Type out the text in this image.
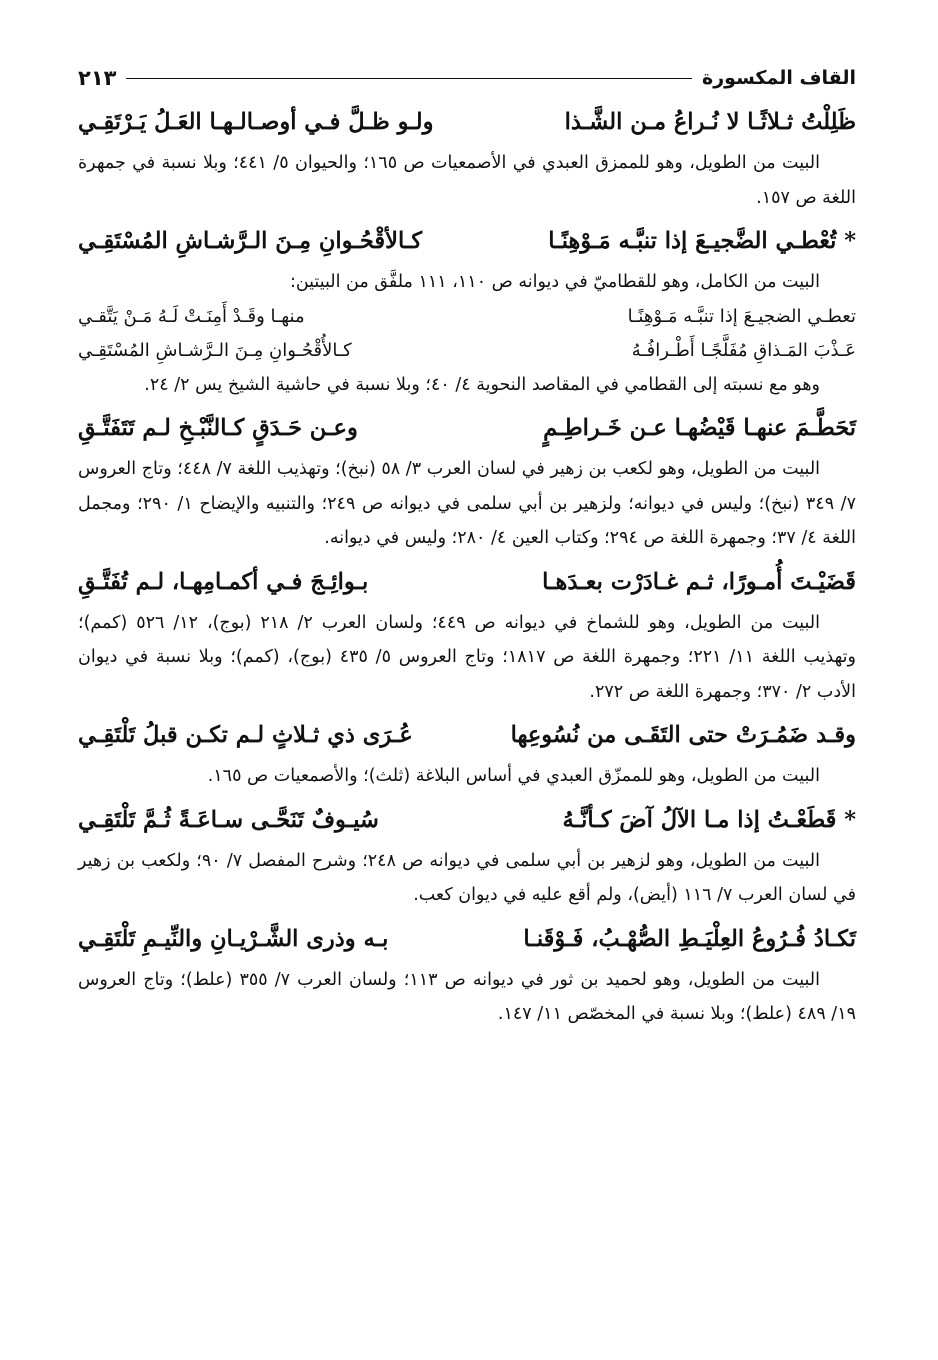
القاف المكسورة
٢١٣
ظَلِلْتُ ثـلاثًـا لا نُـراعُ مـن الشَّـذا
ولـو ظـلَّ فـي أوصـالـهـا العَـلُ يَـرْتَقِـي

البيت من الطويل، وهو للممزق العبدي في الأصمعيات ص ١٦٥؛ والحيوان ٥/ ٤٤١؛ وبلا نسبة في جمهرة اللغة ص ١٥٧.

* تُعْطـي الضَّجيـعَ إذا تنبَّـه مَـوْهِنًـا
كـالأقْحُـوانِ مِـنَ الـرَّشـاشِ المُسْتَقِـي

البيت من الكامل، وهو للقطاميّ في ديوانه ص ١١٠، ١١١ ملفَّق من البيتين:

تعطـي الضجيـعَ إذا تنبَّـه مَـوْهِنًـا
منهـا وقَـدْ أَمِنَـتْ لَـهُ مَـنْ يَتَّقـي
عَـذْبَ المَـذاقِ مُفَلَّجًـا أَطْـرافُـهُ
كـالأُقْحُـوانِ مِـنَ الـرَّشـاشِ المُسْتَقِـي

وهو مع نسبته إلى القطامي في المقاصد النحوية ٤/ ٤٠؛ وبلا نسبة في حاشية الشيخ يس ٢/ ٢٤.

تَحَطَّـمَ عنهـا قَيْضُهـا عـن خَـراطِـمٍ
وعـن حَـدَقٍ كـالنَّبْـخِ لـم تَتَفَتَّـقِ

البيت من الطويل، وهو لكعب بن زهير في لسان العرب ٣/ ٥٨ (نبخ)؛ وتهذيب اللغة ٧/ ٤٤٨؛ وتاج العروس ٧/ ٣٤٩ (نبخ)؛ وليس في ديوانه؛ ولزهير بن أبي سلمى في ديوانه ص ٢٤٩؛ والتنبيه والإيضاح ١/ ٢٩٠؛ ومجمل اللغة ٤/ ٣٧؛ وجمهرة اللغة ص ٢٩٤؛ وكتاب العين ٤/ ٢٨٠؛ وليس في ديوانه.

قَضَيْـتَ أُمـورًا، ثـم غـادَرْت بعـدَهـا
بـوائِـجَ فـي أكمـامِهـا، لـم تُفَتَّـقِ

البيت من الطويل، وهو للشماخ في ديوانه ص ٤٤٩؛ ولسان العرب ٢/ ٢١٨ (بوج)، ١٢/ ٥٢٦ (كمم)؛ وتهذيب اللغة ١١/ ٢٢١؛ وجمهرة اللغة ص ١٨١٧؛ وتاج العروس ٥/ ٤٣٥ (بوج)، (كمم)؛ وبلا نسبة في ديوان الأدب ٢/ ٣٧٠؛ وجمهرة اللغة ص ٢٧٢.

وقـد ضَمُـرَتْ حتى التَقَـى من نُسُوعِها
عُـرَى ذي ثـلاثٍ لـم تكـن قبلُ تَلْتَقِـي

البيت من الطويل، وهو للممزّق العبدي في أساس البلاغة (ثلث)؛ والأصمعيات ص ١٦٥.

* قَطَعْـتُ إذا مـا الآلُ آضَ كـأنَّـهُ
سُيـوفٌ تَنَحَّـى سـاعَـةً ثُـمَّ تَلْتَقِـي

البيت من الطويل، وهو لزهير بن أبي سلمى في ديوانه ص ٢٤٨؛ وشرح المفصل ٧/ ٩٠؛ ولكعب بن زهير في لسان العرب ٧/ ١١٦ (أيض)، ولم أقع عليه في ديوان كعب.

تَكـادُ فُـرُوعُ العِلْيَـطِ الصُّهْـبُ، فَـوْقَنـا
بـه وذرى الشَّـرْيـانِ والنِّيـمِ تَلْتَقِـي

البيت من الطويل، وهو لحميد بن ثور في ديوانه ص ١١٣؛ ولسان العرب ٧/ ٣٥٥ (علط)؛ وتاج العروس ١٩/ ٤٨٩ (علط)؛ وبلا نسبة في المخصّص ١١/ ١٤٧.
